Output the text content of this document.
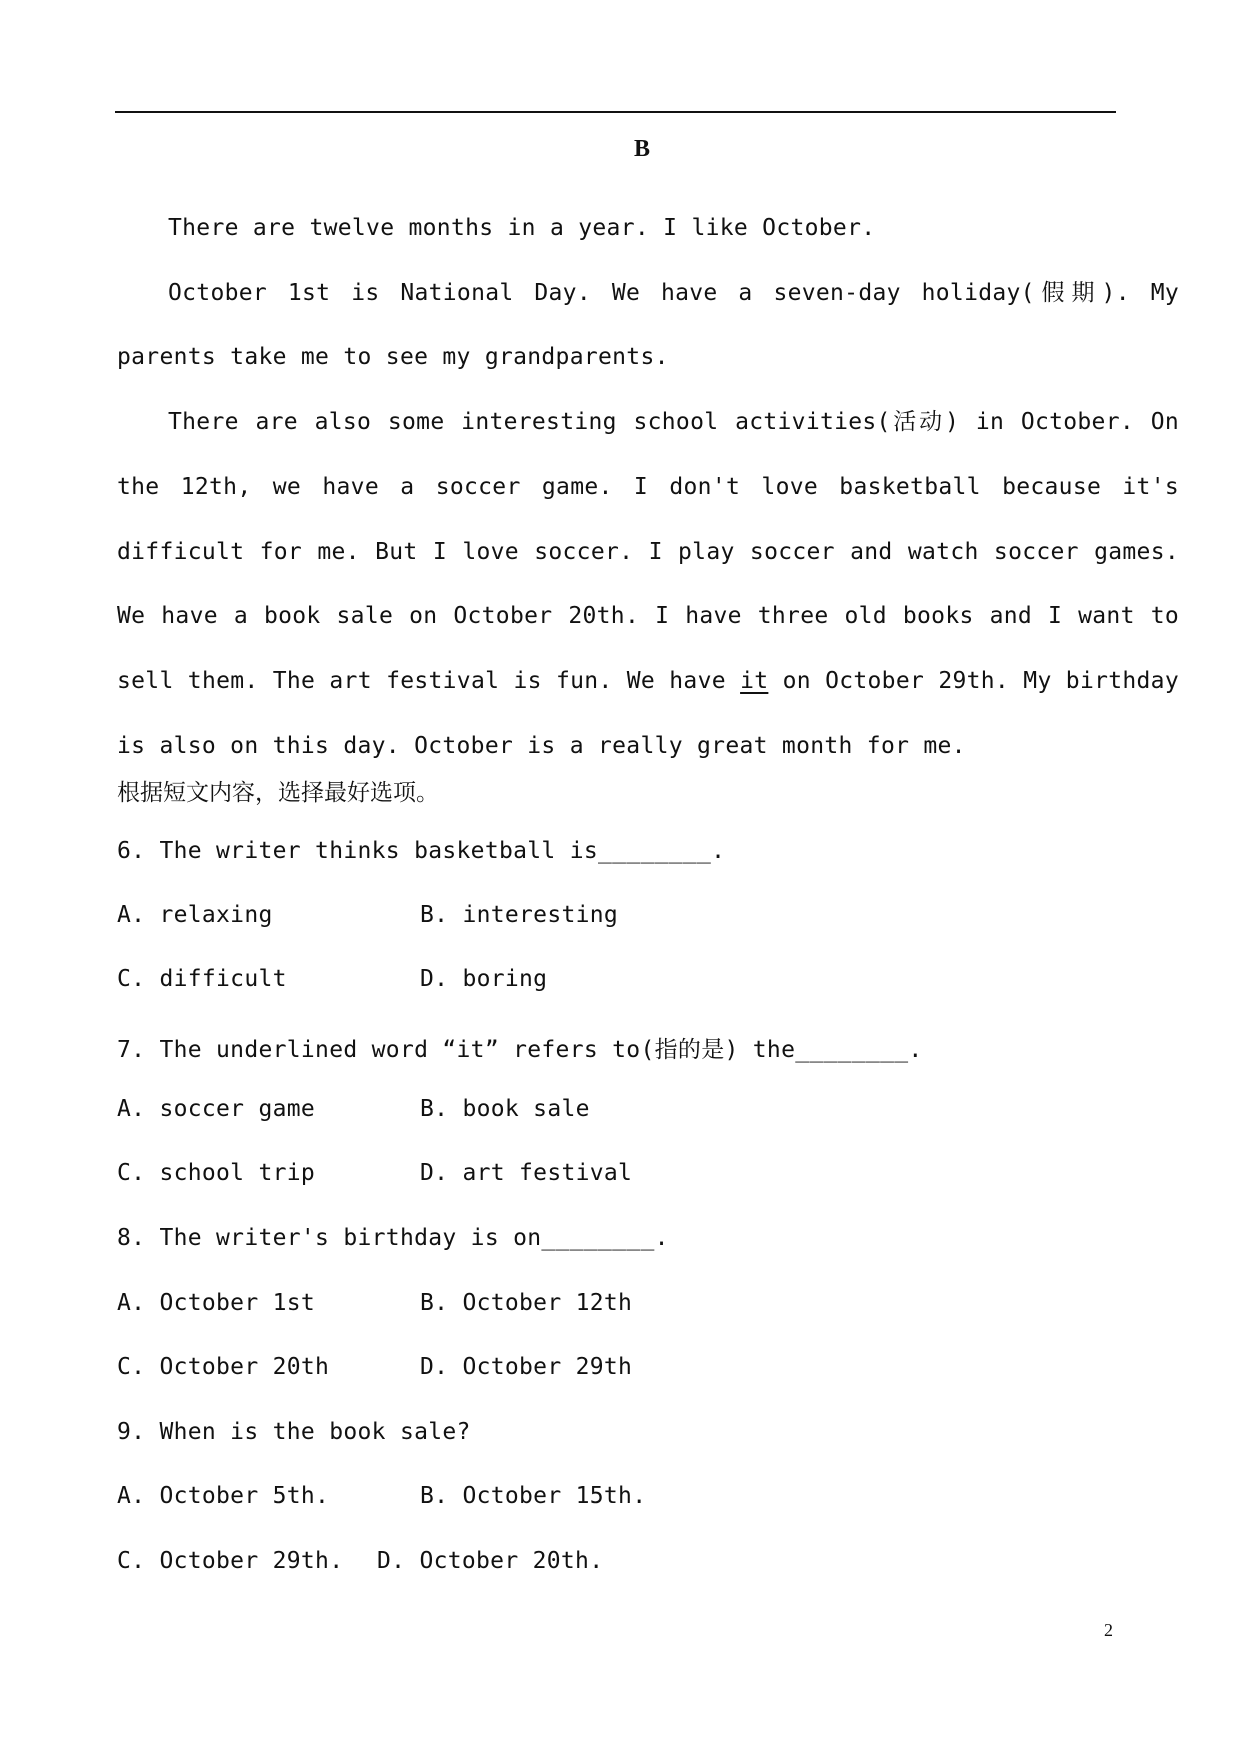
B

There are twelve months in a year. I like October.

October 1st is National Day. We have a seven-day holiday(假期). My parents take me to see my grandparents.

There are also some interesting school activities(活动) in October. On the 12th, we have a soccer game. I don't love basketball because it's difficult for me. But I love soccer. I play soccer and watch soccer games. We have a book sale on October 20th. I have three old books and I want to sell them. The art festival is fun. We have it on October 29th. My birthday is also on this day. October is a really great month for me.

根据短文内容，选择最好选项。
6. The writer thinks basketball is________.
A. relaxing	B. interesting
C. difficult	D. boring
7. The underlined word “it” refers to(指的是) the________.
A. soccer game	B. book sale
C. school trip	D. art festival
8. The writer's birthday is on________.
A. October 1st	B. October 12th
C. October 20th	D. October 29th
9. When is the book sale?
A. October 5th.	B. October 15th.
C. October 29th. D. October 20th.
2
